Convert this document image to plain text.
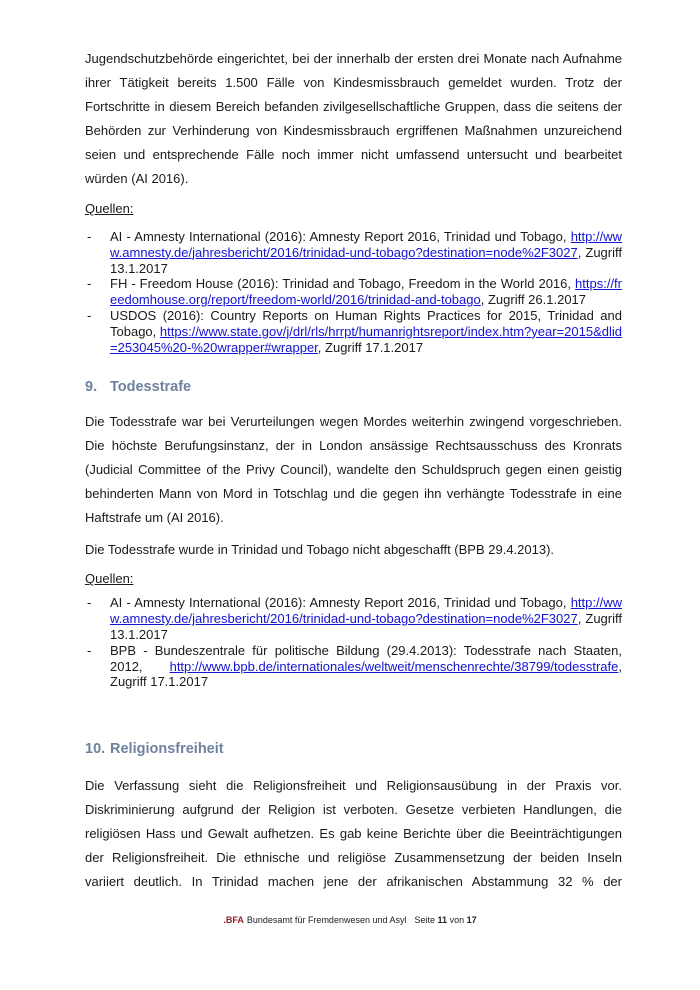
Jugendschutzbehörde eingerichtet, bei der innerhalb der ersten drei Monate nach Aufnahme ihrer Tätigkeit bereits 1.500 Fälle von Kindesmissbrauch gemeldet wurden. Trotz der Fortschritte in diesem Bereich befanden zivilgesellschaftliche Gruppen, dass die seitens der Behörden zur Verhinderung von Kindesmissbrauch ergriffenen Maßnahmen unzureichend seien und entsprechende Fälle noch immer nicht umfassend untersucht und bearbeitet würden (AI 2016).

Quellen:
- AI - Amnesty International (2016): Amnesty Report 2016, Trinidad und Tobago, http://www.amnesty.de/jahresbericht/2016/trinidad-und-tobago?destination=node%2F3027, Zugriff 13.1.2017
- FH - Freedom House (2016): Trinidad and Tobago, Freedom in the World 2016, https://freedomhouse.org/report/freedom-world/2016/trinidad-and-tobago, Zugriff 26.1.2017
- USDOS (2016): Country Reports on Human Rights Practices for 2015, Trinidad and Tobago, https://www.state.gov/j/drl/rls/hrrpt/humanrightsreport/index.htm?year=2015&dlid=253045%20-%20wrapper#wrapper, Zugriff 17.1.2017
9. Todesstrafe

Die Todesstrafe war bei Verurteilungen wegen Mordes weiterhin zwingend vorgeschrieben. Die höchste Berufungsinstanz, der in London ansässige Rechtsausschuss des Kronrats (Judicial Committee of the Privy Council), wandelte den Schuldspruch gegen einen geistig behinderten Mann von Mord in Totschlag und die gegen ihn verhängte Todesstrafe in eine Haftstrafe um (AI 2016).

Die Todesstrafe wurde in Trinidad und Tobago nicht abgeschafft (BPB 29.4.2013).

Quellen:
- AI - Amnesty International (2016): Amnesty Report 2016, Trinidad und Tobago, http://www.amnesty.de/jahresbericht/2016/trinidad-und-tobago?destination=node%2F3027, Zugriff 13.1.2017
- BPB - Bundeszentrale für politische Bildung (29.4.2013): Todesstrafe nach Staaten, 2012, http://www.bpb.de/internationales/weltweit/menschenrechte/38799/todesstrafe, Zugriff 17.1.2017
10. Religionsfreiheit

Die Verfassung sieht die Religionsfreiheit und Religionsausübung in der Praxis vor. Diskriminierung aufgrund der Religion ist verboten. Gesetze verbieten Handlungen, die religiösen Hass und Gewalt aufhetzen. Es gab keine Berichte über die Beeinträchtigungen der Religionsfreiheit. Die ethnische und religiöse Zusammensetzung der beiden Inseln variiert deutlich. In Trinidad machen jene der afrikanischen Abstammung 32 % der

.BFA Bundesamt für Fremdenwesen und Asyl Seite 11 von 17
